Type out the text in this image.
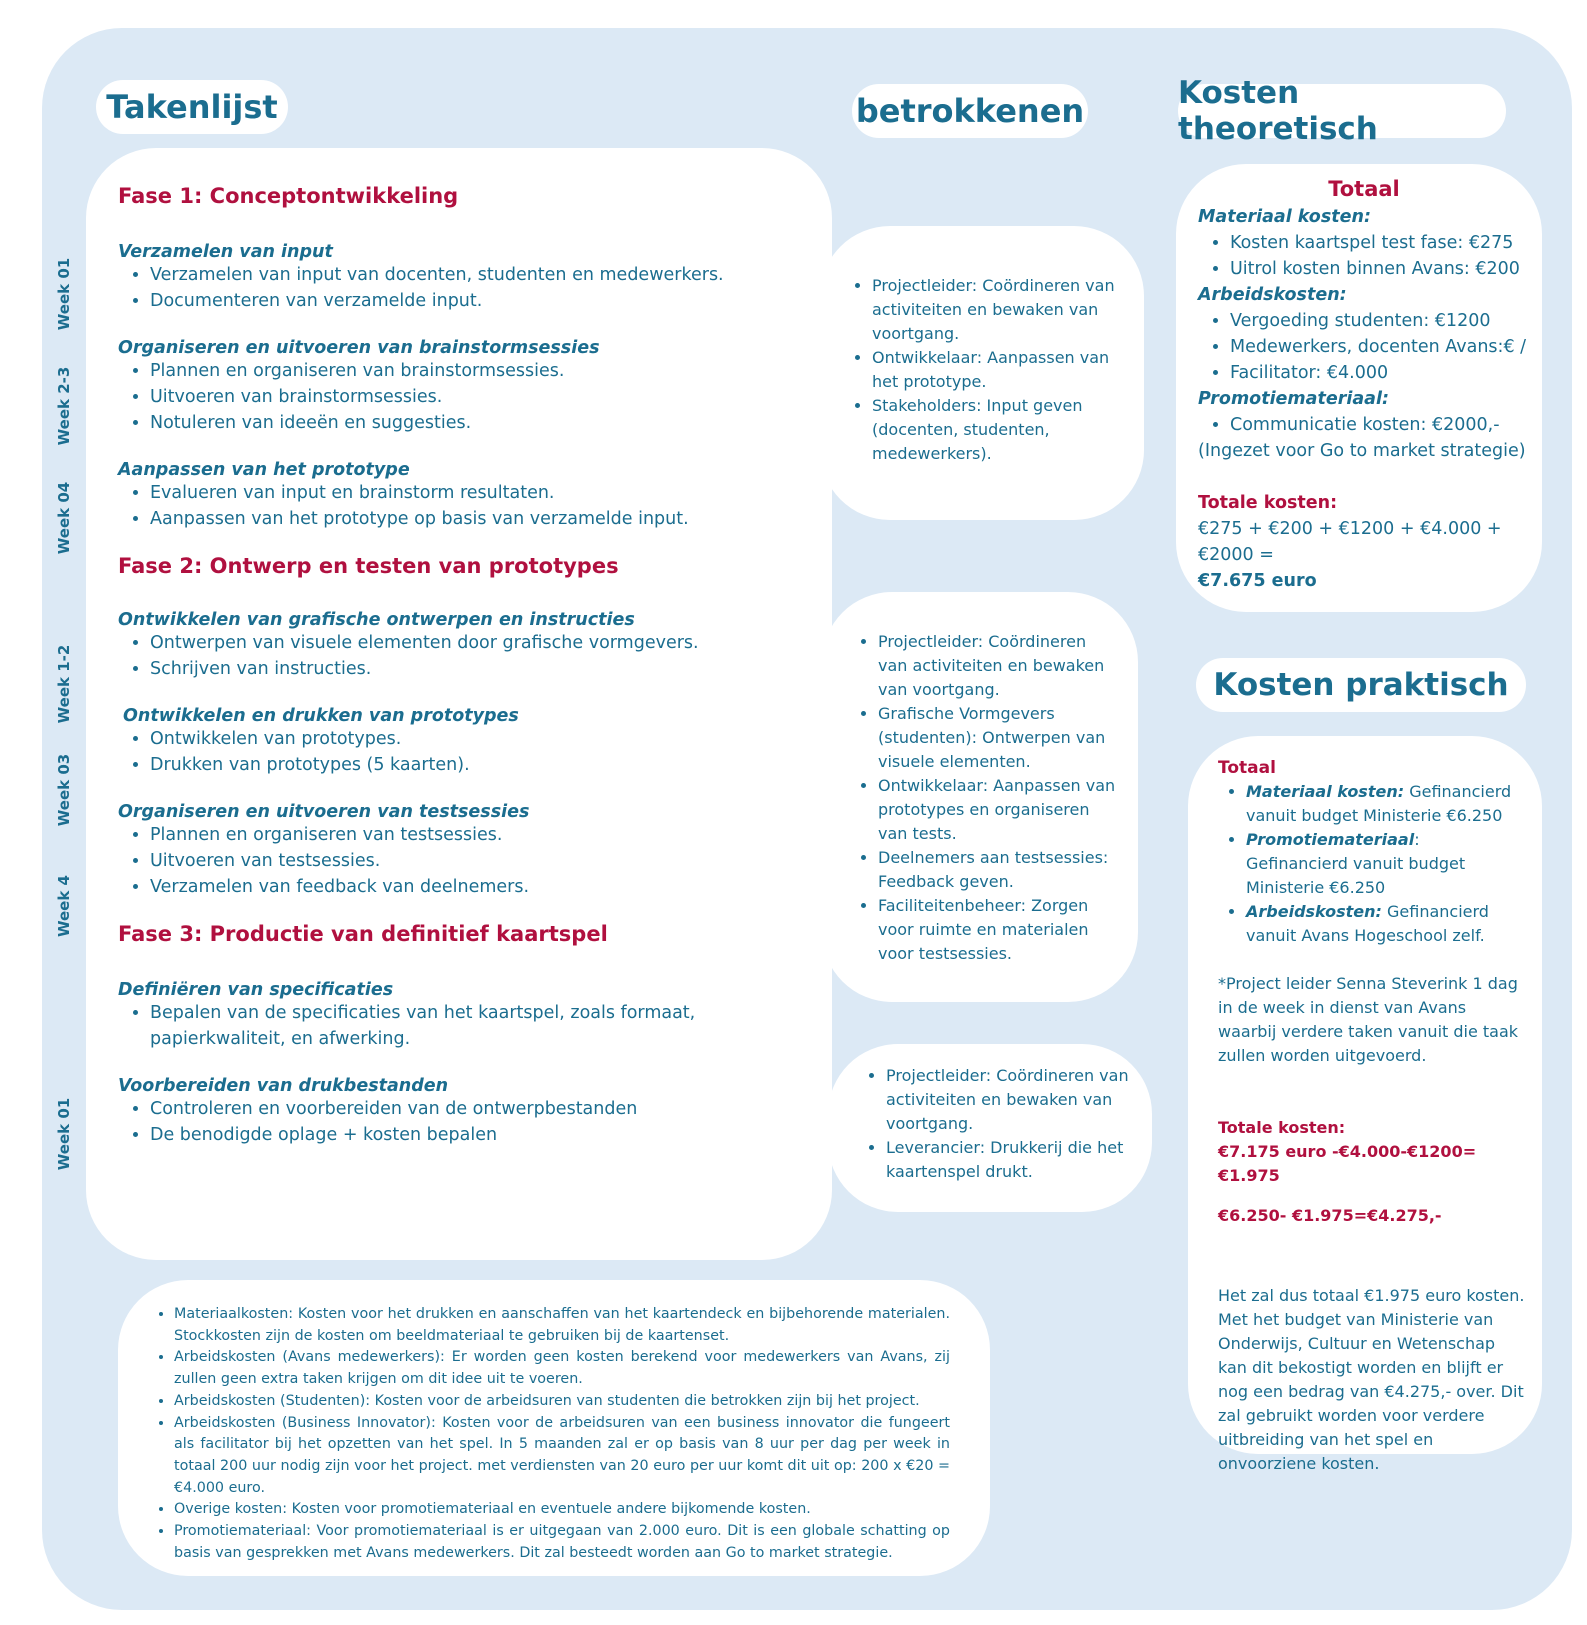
Takenlijst	betrokkenen	Kosten theoretisch
Kosten praktisch
Week 01
Week 2-3
Week 04
Week 1-2
Week 03
Week 4
Week 01

Fase 1: Conceptontwikkeling

Verzamelen van input

• Verzamelen van input van docenten, studenten en medewerkers.
• Documenteren van verzamelde input.

Organiseren en uitvoeren van brainstormsessies

• Plannen en organiseren van brainstormsessies.
• Uitvoeren van brainstormsessies.
• Notuleren van ideeën en suggesties.

Aanpassen van het prototype

• Evalueren van input en brainstorm resultaten.
• Aanpassen van het prototype op basis van verzamelde input.

Fase 2: Ontwerp en testen van prototypes

Ontwikkelen van grafische ontwerpen en instructies

• Ontwerpen van visuele elementen door grafische vormgevers.
• Schrijven van instructies.

Ontwikkelen en drukken van prototypes

• Ontwikkelen van prototypes.
• Drukken van prototypes (5 kaarten).

Organiseren en uitvoeren van testsessies

• Plannen en organiseren van testsessies.
• Uitvoeren van testsessies.
• Verzamelen van feedback van deelnemers.

Fase 3: Productie van definitief kaartspel

Definiëren van specificaties

• Bepalen van de specificaties van het kaartspel, zoals formaat, papierkwaliteit, en afwerking.

Voorbereiden van drukbestanden

• Controleren en voorbereiden van de ontwerpbestanden
• De benodigde oplage + kosten bepalen
• Projectleider: Coördineren van activiteiten en bewaken van voortgang.
• Ontwikkelaar: Aanpassen van het prototype.
• Stakeholders: Input geven (docenten, studenten, medewerkers).
• Projectleider: Coördineren van activiteiten en bewaken van voortgang.
• Grafische Vormgevers (studenten): Ontwerpen van visuele elementen.
• Ontwikkelaar: Aanpassen van prototypes en organiseren van tests.
• Deelnemers aan testsessies: Feedback geven.
• Faciliteitenbeheer: Zorgen voor ruimte en materialen voor testsessies.
• Projectleider: Coördineren van activiteiten en bewaken van voortgang.
• Leverancier: Drukkerij die het kaartenspel drukt.
• Materiaalkosten: Kosten voor het drukken en aanschaffen van het kaartendeck en bijbehorende materialen. Stockkosten zijn de kosten om beeldmateriaal te gebruiken bij de kaartenset.
• Arbeidskosten (Avans medewerkers): Er worden geen kosten berekend voor medewerkers van Avans, zij zullen geen extra taken krijgen om dit idee uit te voeren.
• Arbeidskosten (Studenten): Kosten voor de arbeidsuren van studenten die betrokken zijn bij het project.
• Arbeidskosten (Business Innovator): Kosten voor de arbeidsuren van een business innovator die fungeert als facilitator bij het opzetten van het spel. In 5 maanden zal er op basis van 8 uur per dag per week in totaal 200 uur nodig zijn voor het project. met verdiensten van 20 euro per uur komt dit uit op: 200 x €20 = €4.000 euro.
• Overige kosten: Kosten voor promotiemateriaal en eventuele andere bijkomende kosten.
• Promotiemateriaal: Voor promotiemateriaal is er uitgegaan van 2.000 euro. Dit is een globale schatting op basis van gesprekken met Avans medewerkers. Dit zal besteedt worden aan Go to market strategie.
Totaal
Materiaal kosten:
• Kosten kaartspel test fase: €275
• Uitrol kosten binnen Avans: €200
Arbeidskosten:
• Vergoeding studenten: €1200
• Medewerkers, docenten Avans:€ /
• Facilitator: €4.000
Promotiemateriaal:
• Communicatie kosten: €2000,-
(Ingezet voor Go to market strategie)
Totale kosten:
€275 + €200 + €1200 + €4.000 + €2000 =
€7.675 euro
Totaal
• Materiaal kosten: Gefinancierd vanuit budget Ministerie €6.250
• Promotiemateriaal: Gefinancierd vanuit budget Ministerie €6.250
• Arbeidskosten: Gefinancierd vanuit Avans Hogeschool zelf.
*Project leider Senna Steverink 1 dag in de week in dienst van Avans waarbij verdere taken vanuit die taak zullen worden uitgevoerd.
Totale kosten:
€7.175 euro -€4.000-€1200= €1.975
€6.250- €1.975=€4.275,-
Het zal dus totaal €1.975 euro kosten. Met het budget van Ministerie van Onderwijs, Cultuur en Wetenschap kan dit bekostigt worden en blijft er nog een bedrag van €4.275,- over. Dit zal gebruikt worden voor verdere uitbreiding van het spel en onvoorziene kosten.
